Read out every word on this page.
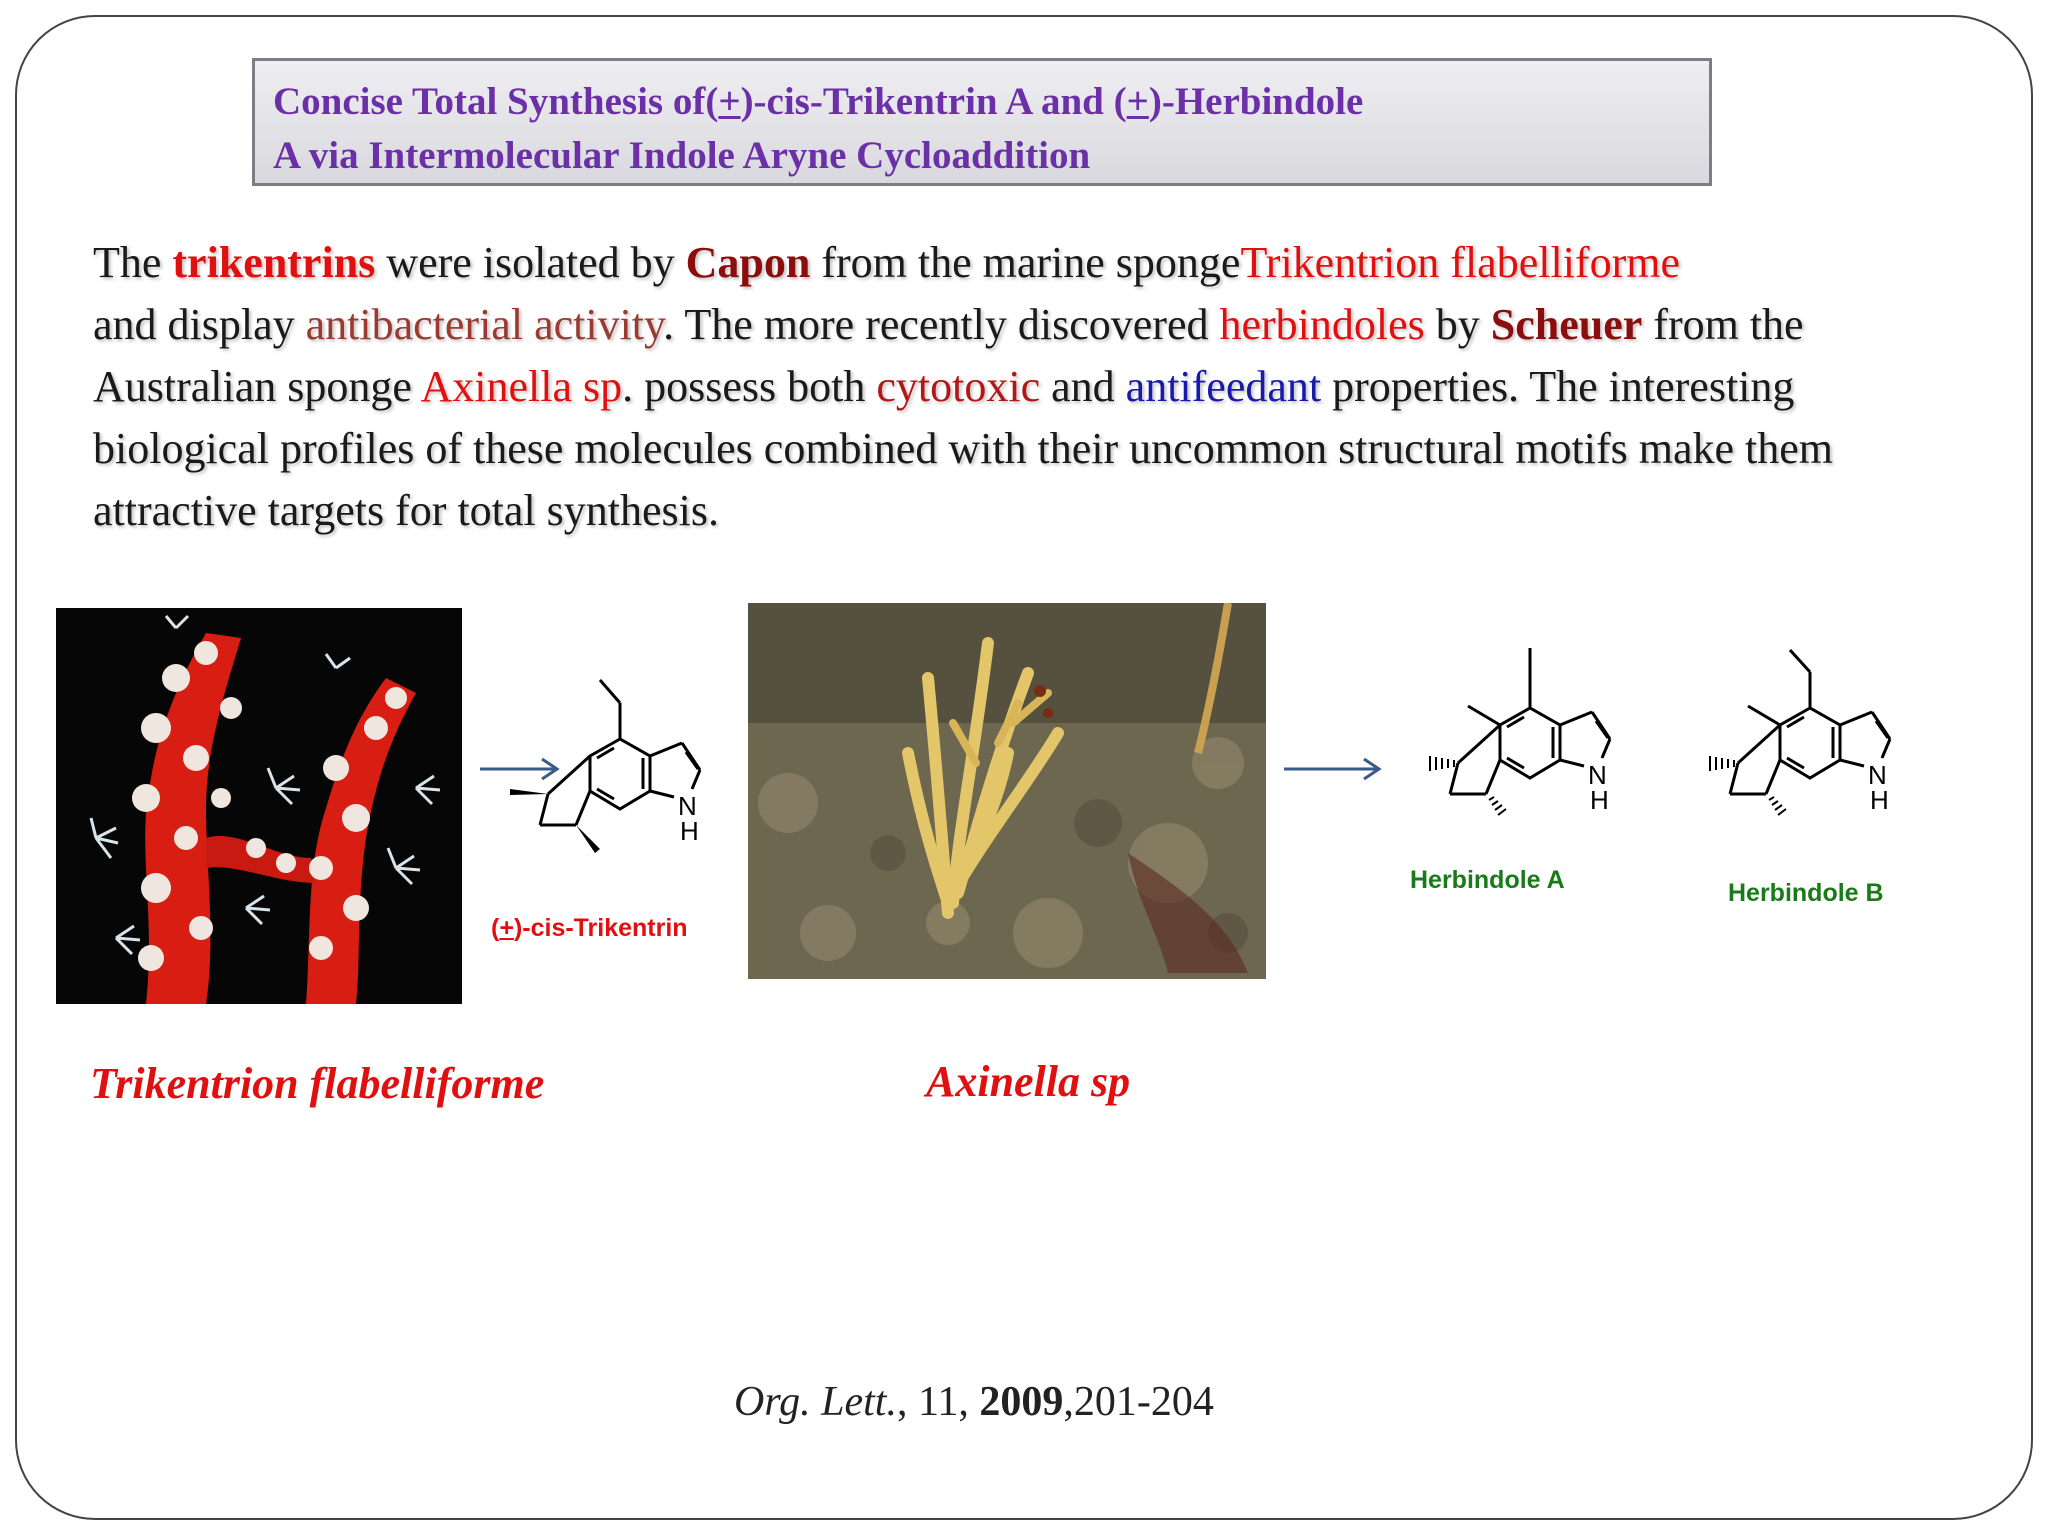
Concise Total Synthesis of(+)-cis-Trikentrin A and (+)-Herbindole

A via Intermolecular Indole Aryne Cycloaddition

The trikentrins were isolated by Capon from the marine spongeTrikentrion flabelliforme

and display antibacterial activity. The more recently discovered herbindoles by Scheuer from the

Australian sponge Axinella sp. possess both cytotoxic and antifeedant properties. The interesting

biological profiles of these molecules combined with their uncommon structural motifs make them

attractive targets for total synthesis.

N
H
(+)-cis-Trikentrin
N
H
Herbindole A
N
H
Herbindole B
Trikentrion flabelliforme	Axinella sp
Org. Lett., 11, 2009,201-204
